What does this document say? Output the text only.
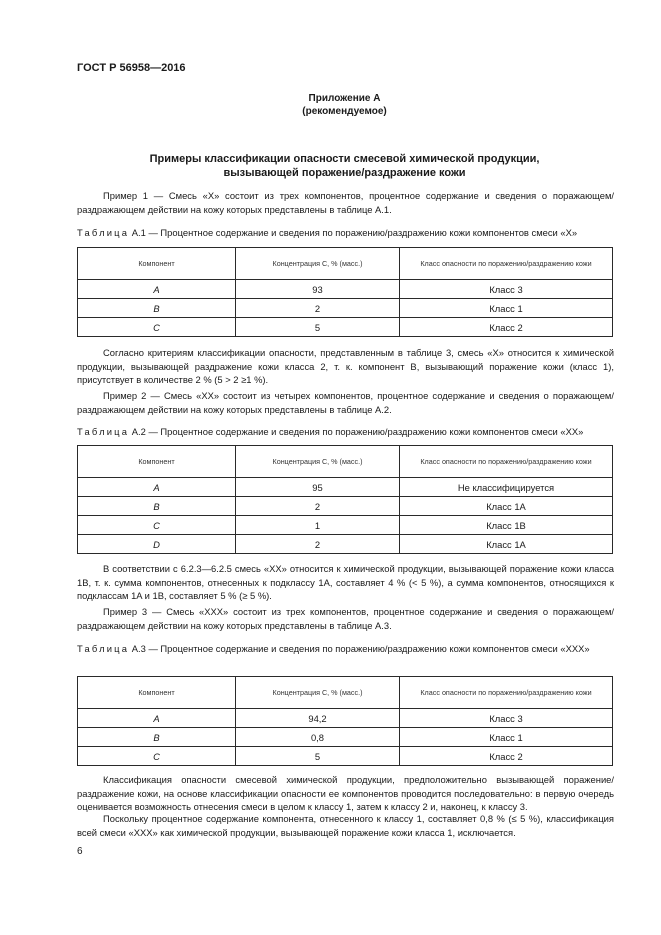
ГОСТ Р 56958—2016
Приложение А
(рекомендуемое)
Примеры классификации опасности смесевой химической продукции,
вызывающей поражение/раздражение кожи
Пример 1 — Смесь «X» состоит из трех компонентов, процентное содержание и сведения о поражающем/раздражающем действии на кожу которых представлены в таблице А.1.
Таблица А.1 — Процентное содержание и сведения по поражению/раздражению кожи компонентов смеси «X»
Компонент	Концентрация C, % (масс.)	Класс опасности по поражению/раздражению кожи
A	93	Класс 3
B	2	Класс 1
C	5	Класс 2
Согласно критериям классификации опасности, представленным в таблице 3, смесь «X» относится к химической продукции, вызывающей раздражение кожи класса 2, т. к. компонент B, вызывающий поражение кожи (класс 1), присутствует в количестве 2 % (5 > 2 ≥1 %).
Пример 2 — Смесь «XX» состоит из четырех компонентов, процентное содержание и сведения о поражающем/раздражающем действии на кожу которых представлены в таблице А.2.
Таблица А.2 — Процентное содержание и сведения по поражению/раздражению кожи компонентов смеси «XX»
Компонент	Концентрация C, % (масс.)	Класс опасности по поражению/раздражению кожи
A	95	Не классифицируется
B	2	Класс 1A
C	1	Класс 1B
D	2	Класс 1A
В соответствии с 6.2.3—6.2.5 смесь «XX» относится к химической продукции, вызывающей поражение кожи класса 1B, т. к. сумма компонентов, отнесенных к подклассу 1A, составляет 4 % (< 5 %), а сумма компонентов, относящихся к подклассам 1A и 1B, составляет 5 % (≥ 5 %).
Пример 3 — Смесь «XXX» состоит из трех компонентов, процентное содержание и сведения о поражающем/раздражающем действии на кожу которых представлены в таблице А.3.
Таблица А.3 — Процентное содержание и сведения по поражению/раздражению кожи компонентов смеси «XXX»
Компонент	Концентрация C, % (масс.)	Класс опасности по поражению/раздражению кожи
A	94,2	Класс 3
B	0,8	Класс 1
C	5	Класс 2
Классификация опасности смесевой химической продукции, предположительно вызывающей поражение/раздражение кожи, на основе классификации опасности ее компонентов проводится последовательно: в первую очередь оценивается возможность отнесения смеси в целом к классу 1, затем к классу 2 и, наконец, к классу 3.
Поскольку процентное содержание компонента, отнесенного к классу 1, составляет 0,8 % (≤ 5 %), классификация всей смеси «XXX» как химической продукции, вызывающей поражение кожи класса 1, исключается.
6
